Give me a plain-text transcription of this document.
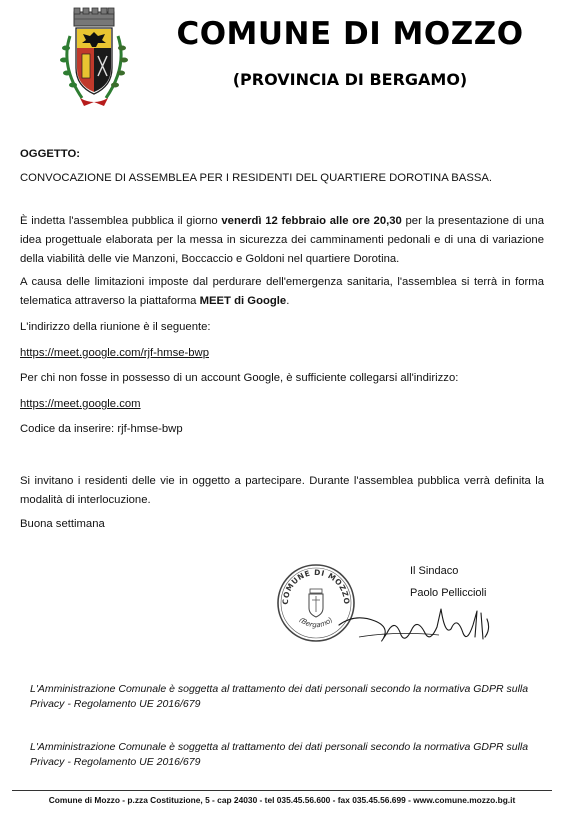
COMUNE DI MOZZO
(PROVINCIA DI BERGAMO)
OGGETTO:
CONVOCAZIONE DI ASSEMBLEA PER I RESIDENTI DEL QUARTIERE DOROTINA BASSA.
È indetta l'assemblea pubblica il giorno venerdì 12 febbraio alle ore 20,30 per la presentazione di una idea progettuale elaborata per la messa in sicurezza dei camminamenti pedonali e di una di variazione della viabilità delle vie Manzoni, Boccaccio e Goldoni nel quartiere Dorotina.
A causa delle limitazioni imposte dal perdurare dell'emergenza sanitaria, l'assemblea si terrà in forma telematica attraverso la piattaforma MEET di Google.
L'indirizzo della riunione è il seguente:
https://meet.google.com/rjf-hmse-bwp
Per chi non fosse in possesso di un account Google, è sufficiente collegarsi all'indirizzo:
https://meet.google.com
Codice da inserire: rjf-hmse-bwp
Si invitano i residenti delle vie in oggetto a partecipare. Durante l'assemblea pubblica verrà definita la modalità di interlocuzione.
Buona settimana
Il Sindaco
Paolo Pelliccioli
COMUNE DI MOZZO
(Bergamo)
L'Amministrazione Comunale è soggetta al trattamento dei dati personali secondo la normativa GDPR sulla Privacy - Regolamento UE 2016/679
L'Amministrazione Comunale è soggetta al trattamento dei dati personali secondo la normativa GDPR sulla Privacy - Regolamento UE 2016/679
Comune di Mozzo - p.zza Costituzione, 5 - cap 24030 - tel 035.45.56.600 - fax 035.45.56.699 - www.comune.mozzo.bg.it
